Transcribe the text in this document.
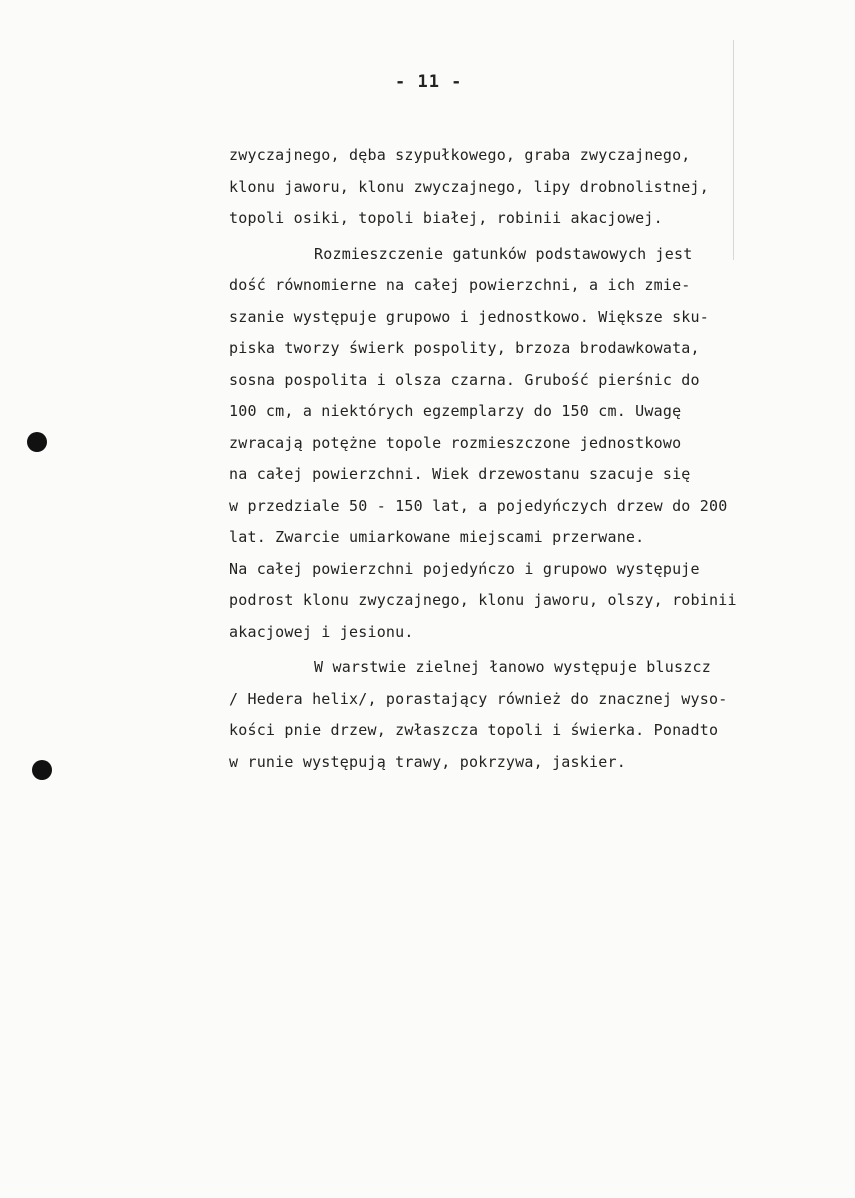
- 11 -
zwyczajnego, dęba szypułkowego, graba zwyczajnego,
klonu jaworu, klonu zwyczajnego, lipy drobnolistnej,
topoli osiki, topoli białej, robinii akacjowej.
Rozmieszczenie gatunków podstawowych jest
dość równomierne na całej powierzchni, a ich zmie-
szanie występuje grupowo i jednostkowo. Większe sku-
piska tworzy świerk pospolity, brzoza brodawkowata,
sosna pospolita i olsza czarna. Grubość pierśnic do
100 cm, a niektórych egzemplarzy do 150 cm. Uwagę
zwracają potężne topole rozmieszczone jednostkowo
na całej powierzchni. Wiek drzewostanu szacuje się
w przedziale 50 - 150 lat, a pojedyńczych drzew do 200
lat. Zwarcie umiarkowane miejscami przerwane.
Na całej powierzchni pojedyńczo i grupowo występuje
podrost klonu zwyczajnego, klonu jaworu, olszy, robinii
akacjowej i jesionu.
W warstwie zielnej łanowo występuje bluszcz
/ Hedera helix/, porastający również do znacznej wyso-
kości pnie drzew, zwłaszcza topoli i świerka. Ponadto
w runie występują trawy, pokrzywa, jaskier.
